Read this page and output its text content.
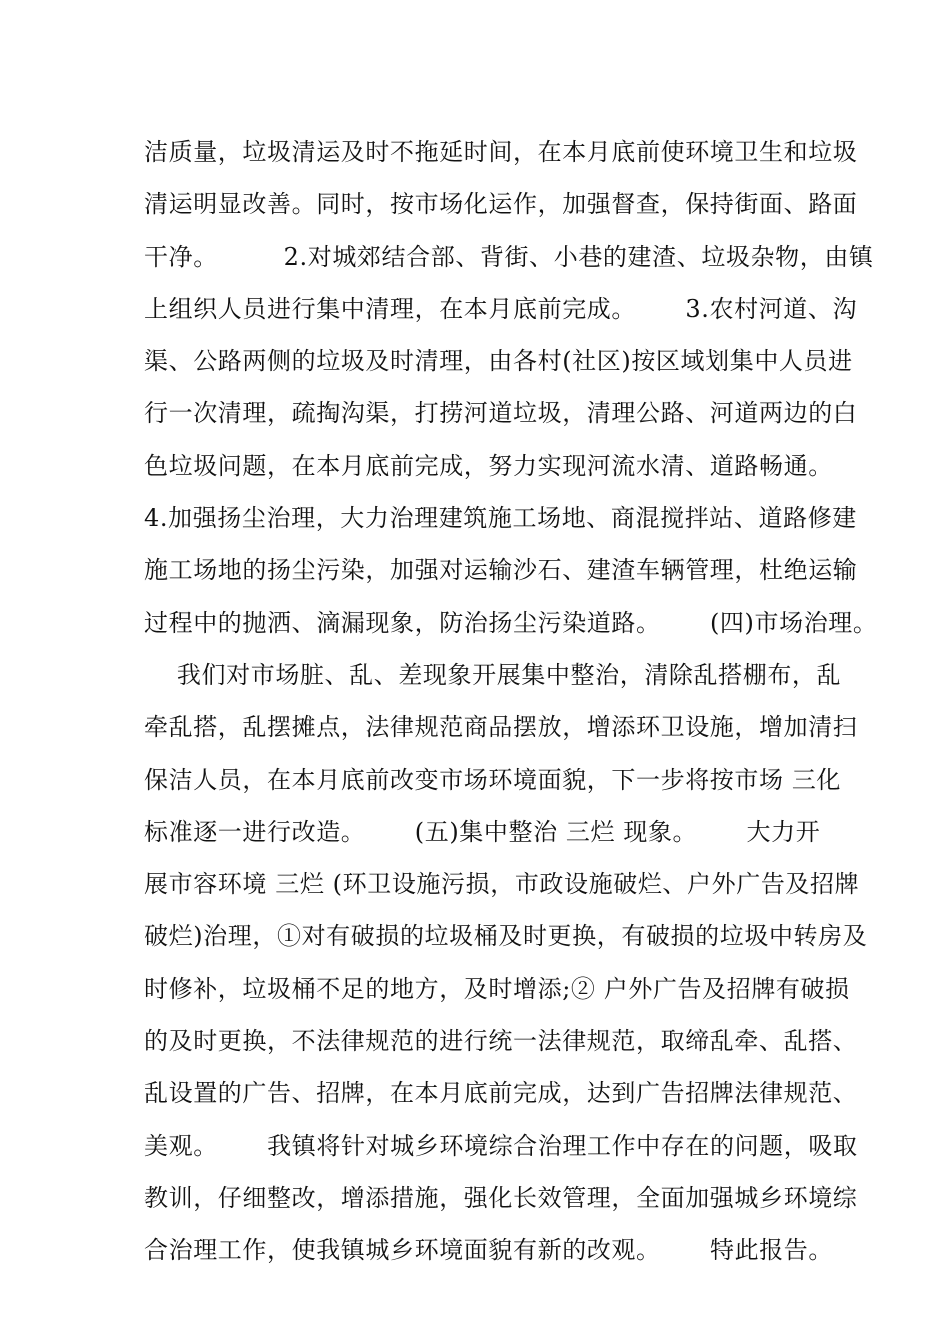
洁质量，垃圾清运及时不拖延时间，在本月底前使环境卫生和垃圾
清运明显改善。同时，按市场化运作，加强督查，保持街面、路面
干净。        2.对城郊结合部、背街、小巷的建渣、垃圾杂物，由镇
上组织人员进行集中清理，在本月底前完成。      3.农村河道、沟
渠、公路两侧的垃圾及时清理，由各村(社区)按区域划集中人员进
行一次清理，疏掏沟渠，打捞河道垃圾，清理公路、河道两边的白
色垃圾问题，在本月底前完成，努力实现河流水清、道路畅通。
4.加强扬尘治理，大力治理建筑施工场地、商混搅拌站、道路修建
施工场地的扬尘污染，加强对运输沙石、建渣车辆管理，杜绝运输
过程中的抛洒、滴漏现象，防治扬尘污染道路。      (四)市场治理。
我们对市场脏、乱、差现象开展集中整治，清除乱搭棚布，乱
牵乱搭，乱摆摊点，法律规范商品摆放，增添环卫设施，增加清扫
保洁人员，在本月底前改变市场环境面貌，下一步将按市场 三化
标准逐一进行改造。      (五)集中整治 三烂 现象。      大力开
展市容环境 三烂 (环卫设施污损，市政设施破烂、户外广告及招牌
破烂)治理，①对有破损的垃圾桶及时更换，有破损的垃圾中转房及
时修补，垃圾桶不足的地方，及时增添;② 户外广告及招牌有破损
的及时更换，不法律规范的进行统一法律规范，取缔乱牵、乱搭、
乱设置的广告、招牌，在本月底前完成，达到广告招牌法律规范、
美观。      我镇将针对城乡环境综合治理工作中存在的问题，吸取
教训，仔细整改，增添措施，强化长效管理，全面加强城乡环境综
合治理工作，使我镇城乡环境面貌有新的改观。      特此报告。
